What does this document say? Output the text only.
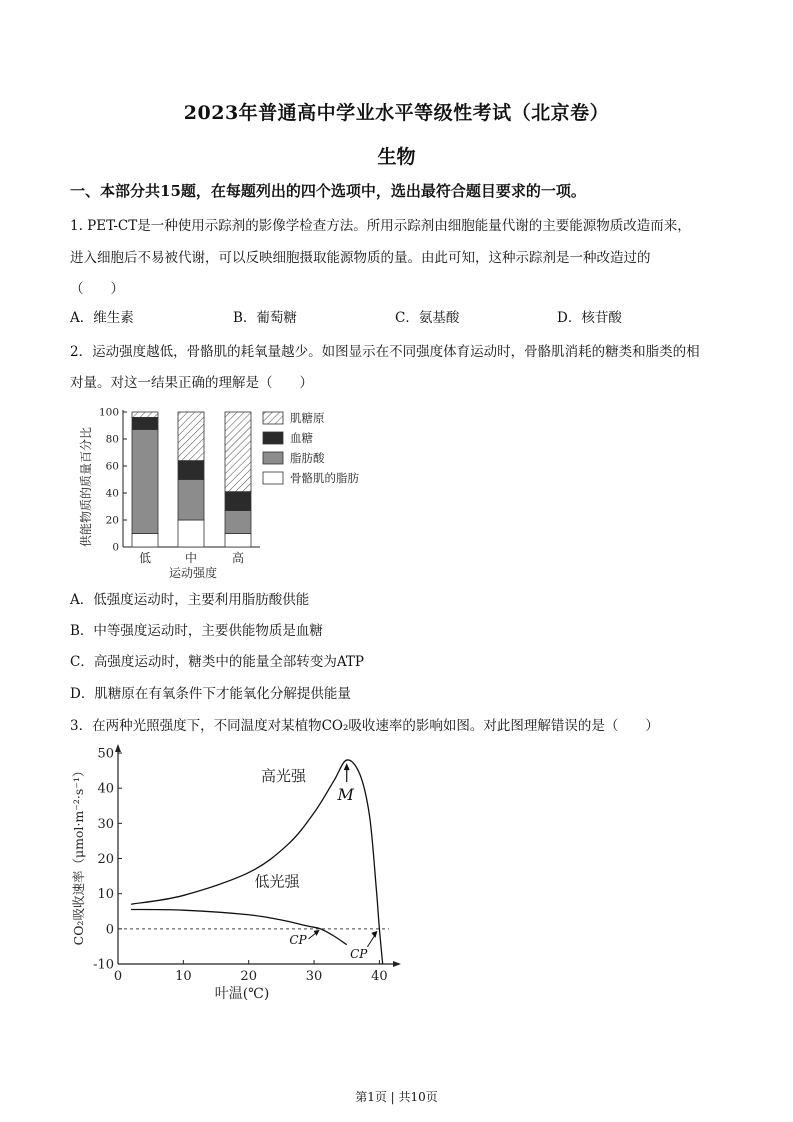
2023年普通高中学业水平等级性考试（北京卷）
生物
一、本部分共15题，在每题列出的四个选项中，选出最符合题目要求的一项。
1. PET-CT是一种使用示踪剂的影像学检查方法。所用示踪剂由细胞能量代谢的主要能源物质改造而来，
进入细胞后不易被代谢，可以反映细胞摄取能源物质的量。由此可知，这种示踪剂是一种改造过的
（　　）
A．维生素	B．葡萄糖	C．氨基酸	D．核苷酸
2．运动强度越低，骨骼肌的耗氧量越少。如图显示在不同强度体育运动时，骨骼肌消耗的糖类和脂类的相
对量。对这一结果正确的理解是（　　）
供能物质的质量百分比
运动强度
0
20
40
60
80
100
低	中	高
肌糖原
血糖
脂肪酸
骨骼肌的脂肪
A．低强度运动时，主要利用脂肪酸供能
B．中等强度运动时，主要供能物质是血糖
C．高强度运动时，糖类中的能量全部转变为ATP
D．肌糖原在有氧条件下才能氧化分解提供能量
3．在两种光照强度下，不同温度对某植物CO₂吸收速率的影响如图。对此图理解错误的是（　　）
CO₂吸收速率（μmol·m⁻²·s⁻¹）
叶温(℃)
-10
0
10
20
30
40
50
0	10	20	30	40
高光强
低光强
M
CP
CP
第1页 | 共10页
